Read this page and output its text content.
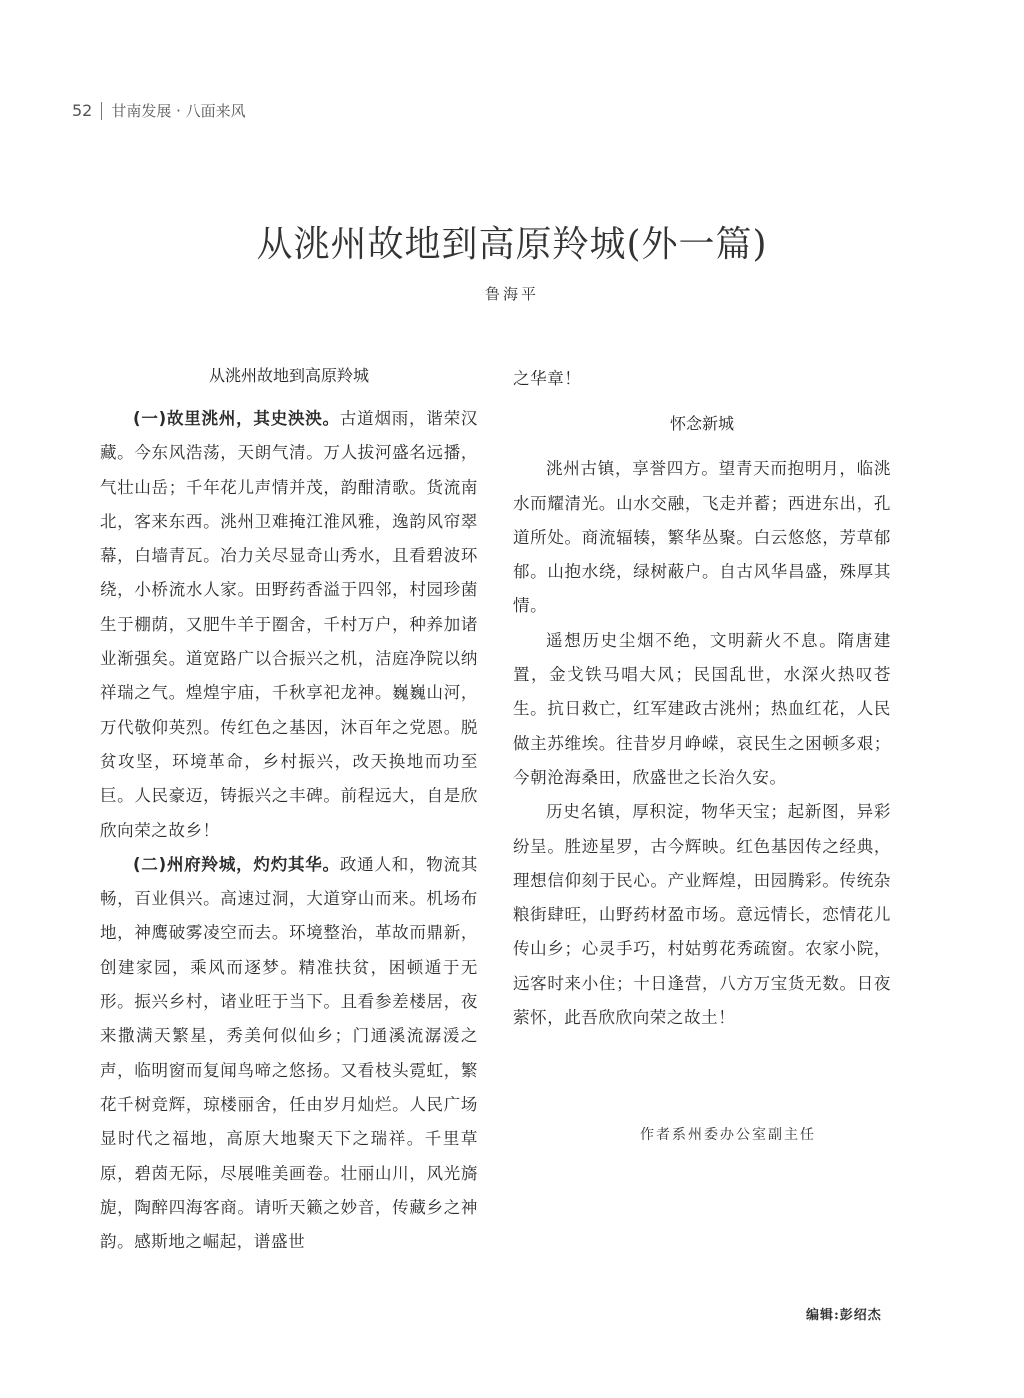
52 甘南发展 · 八面来风
从洮州故地到高原羚城(外一篇)
鲁海平
从洮州故地到高原羚城

(一)故里洮州，其史泱泱。古道烟雨，谐荣汉藏。今东风浩荡，天朗气清。万人拔河盛名远播，气壮山岳；千年花儿声情并茂，韵酣清歌。货流南北，客来东西。洮州卫难掩江淮风雅，逸韵风帘翠幕，白墙青瓦。冶力关尽显奇山秀水，且看碧波环绕，小桥流水人家。田野药香溢于四邻，村园珍菌生于棚荫，又肥牛羊于圈舍，千村万户，种养加诸业渐强矣。道宽路广以合振兴之机，洁庭净院以纳祥瑞之气。煌煌宇庙，千秋享祀龙神。巍巍山河，万代敬仰英烈。传红色之基因，沐百年之党恩。脱贫攻坚，环境革命，乡村振兴，改天换地而功至巨。人民豪迈，铸振兴之丰碑。前程远大，自是欣欣向荣之故乡！

(二)州府羚城，灼灼其华。政通人和，物流其畅，百业俱兴。高速过洞，大道穿山而来。机场布地，神鹰破雾凌空而去。环境整治，革故而鼎新，创建家园，乘风而逐梦。精准扶贫，困顿遁于无形。振兴乡村，诸业旺于当下。且看参差楼居，夜来撒满天繁星，秀美何似仙乡；门通溪流潺湲之声，临明窗而复闻鸟啼之悠扬。又看枝头霓虹，繁花千树竞辉，琼楼丽舍，任由岁月灿烂。人民广场显时代之福地，高原大地聚天下之瑞祥。千里草原，碧茵无际，尽展唯美画卷。壮丽山川，风光旖旎，陶醉四海客商。请听天籁之妙音，传藏乡之神韵。感斯地之崛起，谱盛世

之华章！

怀念新城

洮州古镇，享誉四方。望青天而抱明月，临洮水而耀清光。山水交融，飞走并蓄；西进东出，孔道所处。商流辐辏，繁华丛聚。白云悠悠，芳草郁郁。山抱水绕，绿树蔽户。自古风华昌盛，殊厚其情。

遥想历史尘烟不绝，文明薪火不息。隋唐建置，金戈铁马唱大风；民国乱世，水深火热叹苍生。抗日救亡，红军建政古洮州；热血红花，人民做主苏维埃。往昔岁月峥嵘，哀民生之困顿多艰；今朝沧海桑田，欣盛世之长治久安。

历史名镇，厚积淀，物华天宝；起新图，异彩纷呈。胜迹星罗，古今辉映。红色基因传之经典，理想信仰刻于民心。产业辉煌，田园腾彩。传统杂粮街肆旺，山野药材盈市场。意远情长，恋情花儿传山乡；心灵手巧，村姑剪花秀疏窗。农家小院，远客时来小住；十日逢营，八方万宝货无数。日夜萦怀，此吾欣欣向荣之故土！

作者系州委办公室副主任
编辑:彭绍杰
